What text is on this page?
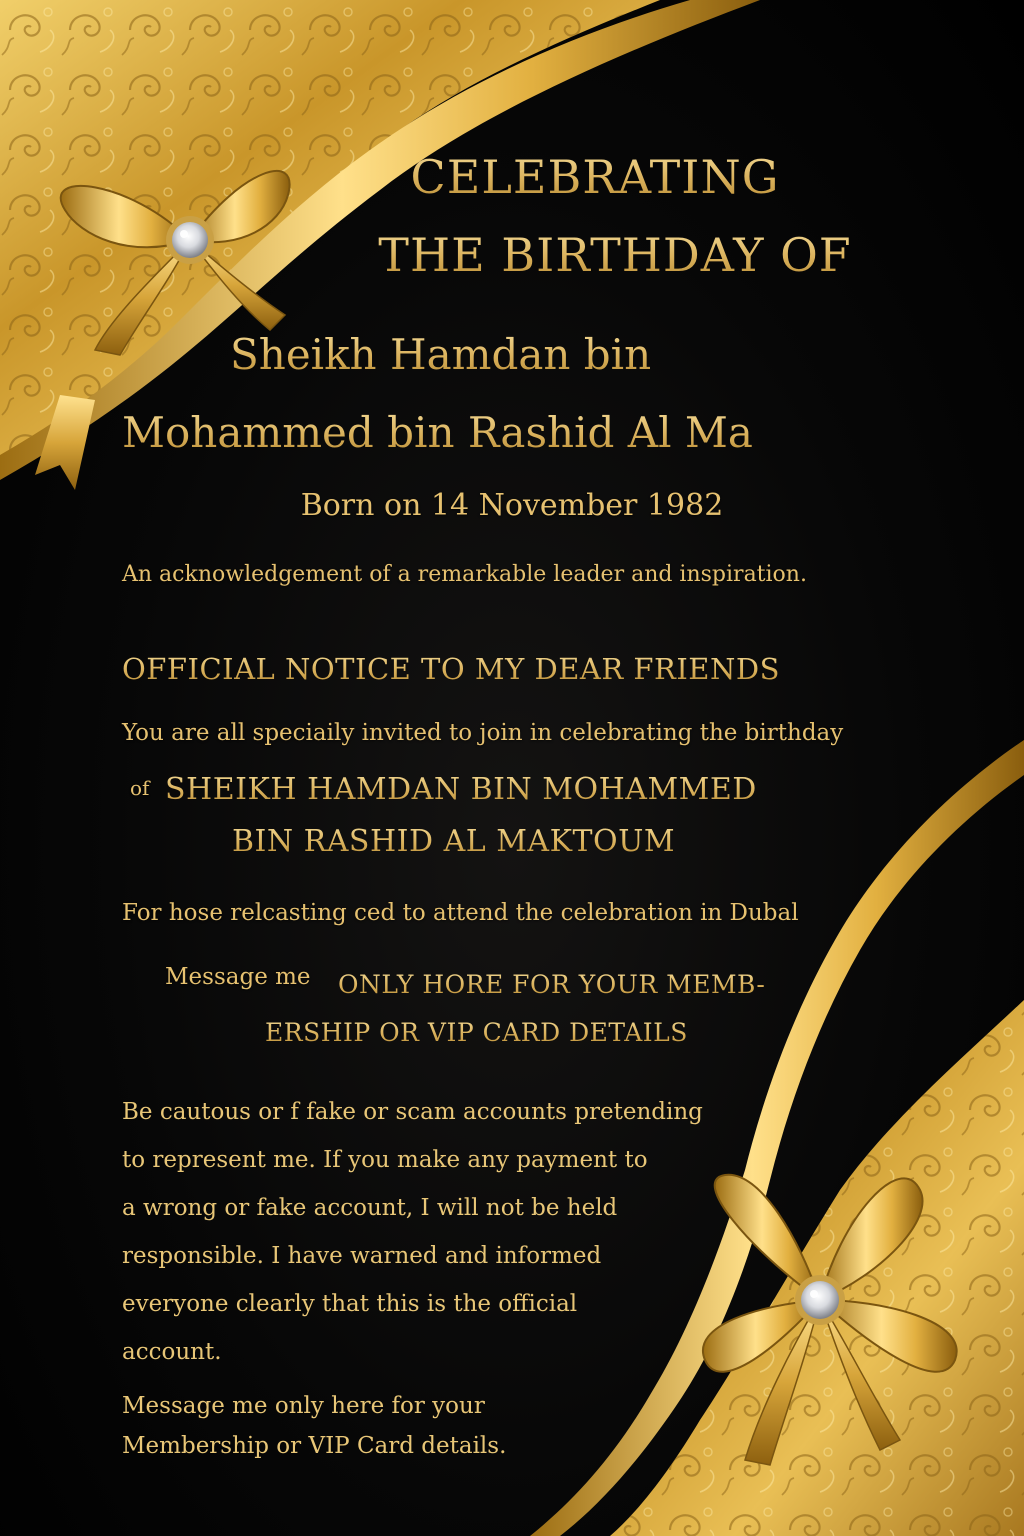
CELEBRATING
THE BIRTHDAY OF

Sheikh Hamdan bin

Mohammed bin Rashid Al Ma

Born on 14 November 1982

An acknowledgement of a remarkable leader and inspiration.

OFFICIAL NOTICE TO MY DEAR FRIENDS

You are all speciaily invited to join in celebrating the birthday

of SHEIKH HAMDAN BIN MOHAMMED

BIN RASHID AL MAKTOUM

For hose relcasting ced to attend the celebration in Dubal

Message me ONLY HORE FOR YOUR MEMB-

ERSHIP OR VIP CARD DETAILS

Be cautous or f fake or scam accounts pretending
to represent me. If you make any payment to
a wrong or fake account, I will not be held
responsible. I have warned and informed
everyone clearly that this is the official
account.
Message me only here for your
Membership or VIP Card details.
